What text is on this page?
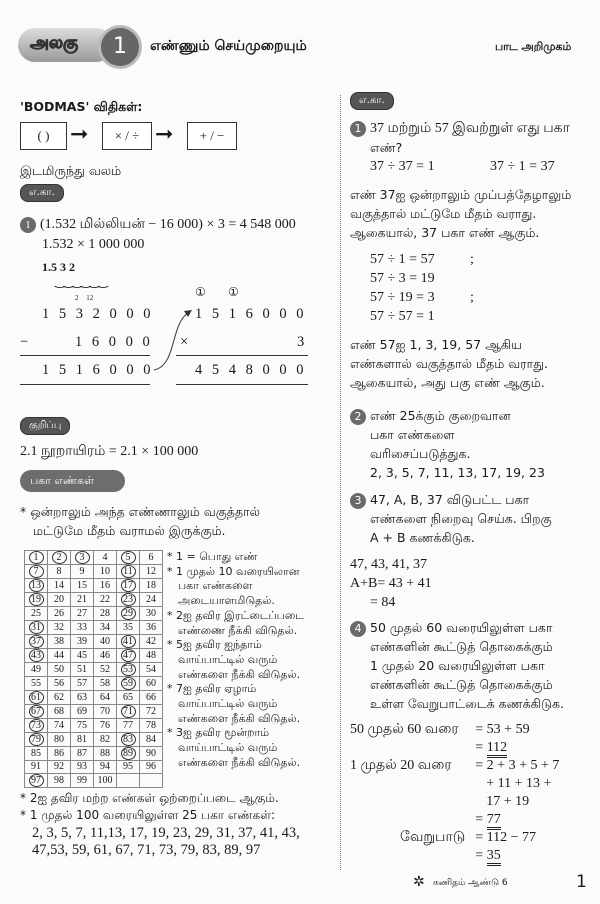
அலகு	1	எண்ணும் செய்முறையும்	பாட அறிமுகம்
'BODMAS' விதிகள்:
( ) ➞	× / ÷ ➞	+ / −
இடமிருந்து வலம்
எ.கா.
1 (1.532 மில்லியன் − 16 000) × 3 = 4 548 000
1.532 × 1 000 000
1.5 3 2
‿‿‿‿‿‿
2 12
1 5 3 2 0 0 0
−	1 6 0 0 0
1 5 1 6 0 0 0
① ①
1 5 1 6 0 0 0
×	3
4 5 4 8 0 0 0
குறிப்பு
2.1 நூறாயிரம் = 2.1 × 100 000
பகா எண்கள்
* ஒன்றாலும் அந்த எண்ணாலும் வகுத்தால்
மட்டுமே மீதம் வராமல் இருக்கும்.
1	2	3	4	5	6
7	8	9	10	11	12
13	14	15	16	17	18
19	20	21	22	23	24
25	26	27	28	29	30
31	32	33	34	35	36
37	38	39	40	41	42
43	44	45	46	47	48
49	50	51	52	53	54
55	56	57	58	59	60
61	62	63	64	65	66
67	68	69	70	71	72
73	74	75	76	77	78
79	80	81	82	83	84
85	86	87	88	89	90
91	92	93	94	95	96
97	98	99	100		
* 1 = பொது எண்
* 1 முதல் 10 வரையிலான
பகா எண்களை
அடையாளமிடுதல்.
* 2ஐ தவிர இரட்டைப்படை
எண்ணை நீக்கி விடுதல்.
* 5ஐ தவிர ஐந்தாம்
வாய்பாட்டில் வரும்
எண்களை நீக்கி விடுதல்.
* 7ஐ தவிர ஏழாம்
வாய்பாட்டில் வரும்
எண்களை நீக்கி விடுதல்.
* 3ஐ தவிர மூன்றாம்
வாய்பாட்டில் வரும்
எண்களை நீக்கி விடுதல்.
* 2ஐ தவிர மற்ற எண்கள் ஒற்றைப்படை ஆகும்.
* 1 முதல் 100 வரையிலுள்ள 25 பகா எண்கள்:
2, 3, 5, 7, 11,13, 17, 19, 23, 29, 31, 37, 41, 43,
47,53, 59, 61, 67, 71, 73, 79, 83, 89, 97
எ.கா.
1 37 மற்றும் 57 இவற்றுள் எது பகா
எண்?
37 ÷ 37 = 1	37 ÷ 1 = 37
எண் 37ஐ ஒன்றாலும் முப்பத்தேழாலும்
வகுத்தால் மட்டுமே மீதம் வராது.
ஆகையால், 37 பகா எண் ஆகும்.
57 ÷ 1 = 57	;57 ÷ 3 = 19
57 ÷ 19 = 3	;57 ÷ 57 = 1
எண் 57ஐ 1, 3, 19, 57 ஆகிய
எண்களால் வகுத்தால் மீதம் வராது.
ஆகையால், அது பகு எண் ஆகும்.
2 எண் 25க்கும் குறைவான
பகா எண்களை
வரிசைப்படுத்துக.
2, 3, 5, 7, 11, 13, 17, 19, 23
3 47, A, B, 37 விடுபட்ட பகா
எண்களை நிறைவு செய்க. பிறகு
A + B கணக்கிடுக.
47, 43, 41, 37
A+B= 43 + 41
= 84
4 50 முதல் 60 வரையிலுள்ள பகா
எண்களின் கூட்டுத் தொகைக்கும்
1 முதல் 20 வரையிலுள்ள பகா
எண்களின் கூட்டுத் தொகைக்கும்
உள்ள வேறுபாட்டைக் கணக்கிடுக.
50 முதல் 60 வரை	= 53 + 59
= 112
1 முதல் 20 வரை	= 2 + 3 + 5 + 7
+ 11 + 13 +
17 + 19
= 77
வேறுபாடு = 112 − 77
= 35
✲ கணிதம் ஆண்டு 6	1
